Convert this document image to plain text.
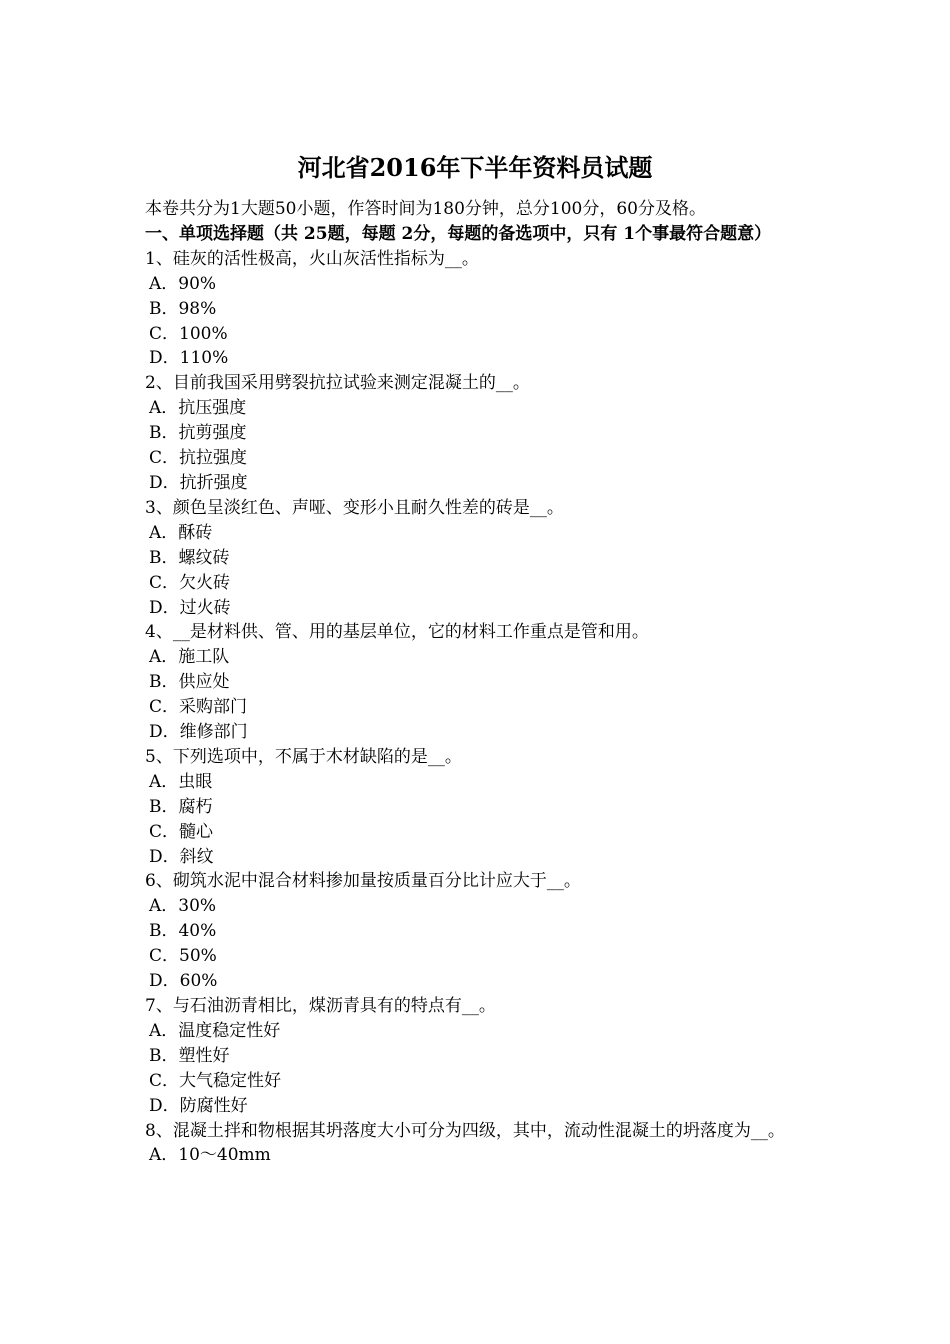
河北省2016年下半年资料员试题
本卷共分为1大题50小题，作答时间为180分钟，总分100分，60分及格。
一、单项选择题（共 25题，每题 2分，每题的备选项中，只有 1个事最符合题意）
1、硅灰的活性极高，火山灰活性指标为__。
A．90%
B．98%
C．100%
D．110%
2、目前我国采用劈裂抗拉试验来测定混凝土的__。
A．抗压强度
B．抗剪强度
C．抗拉强度
D．抗折强度
3、颜色呈淡红色、声哑、变形小且耐久性差的砖是__。
A．酥砖
B．螺纹砖
C．欠火砖
D．过火砖
4、__是材料供、管、用的基层单位，它的材料工作重点是管和用。
A．施工队
B．供应处
C．采购部门
D．维修部门
5、下列选项中，不属于木材缺陷的是__。
A．虫眼
B．腐朽
C．髓心
D．斜纹
6、砌筑水泥中混合材料掺加量按质量百分比计应大于__。
A．30%
B．40%
C．50%
D．60%
7、与石油沥青相比，煤沥青具有的特点有__。
A．温度稳定性好
B．塑性好
C．大气稳定性好
D．防腐性好
8、混凝土拌和物根据其坍落度大小可分为四级，其中，流动性混凝土的坍落度为__。
A．10～40mm
